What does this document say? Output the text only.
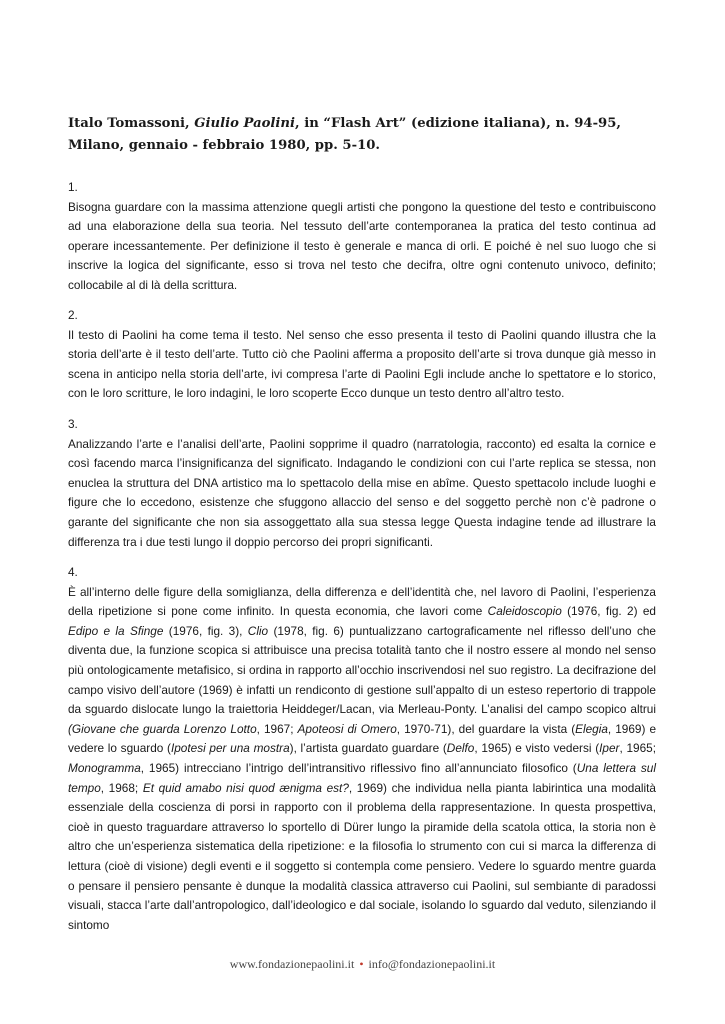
Italo Tomassoni, Giulio Paolini, in “Flash Art” (edizione italiana), n. 94-95, Milano, gennaio - febbraio 1980, pp. 5-10.

1.

Bisogna guardare con la massima attenzione quegli artisti che pongono la questione del testo e contribuiscono ad una elaborazione della sua teoria. Nel tessuto dell’arte contemporanea la pratica del testo continua ad operare incessantemente. Per definizione il testo è generale e manca di orli. E poiché è nel suo luogo che si inscrive la logica del significante, esso si trova nel testo che decifra, oltre ogni contenuto univoco, definito; collocabile al di là della scrittura.

2.

Il testo di Paolini ha come tema il testo. Nel senso che esso presenta il testo di Paolini quando illustra che la storia dell’arte è il testo dell’arte. Tutto ciò che Paolini afferma a proposito dell’arte si trova dunque già messo in scena in anticipo nella storia dell’arte, ivi compresa l’arte di Paolini Egli include anche lo spettatore e lo storico, con le loro scritture, le loro indagini, le loro scoperte Ecco dunque un testo dentro all’altro testo.

3.

Analizzando l’arte e l’analisi dell’arte, Paolini sopprime il quadro (narratologia, racconto) ed esalta la cornice e così facendo marca l’insignificanza del significato. Indagando le condizioni con cui l’arte replica se stessa, non enuclea la struttura del DNA artistico ma lo spettacolo della mise en abîme. Questo spettacolo include luoghi e figure che lo eccedono, esistenze che sfuggono allaccio del senso e del soggetto perchè non c’è padrone o garante del significante che non sia assoggettato alla sua stessa legge Questa indagine tende ad illustrare la differenza tra i due testi lungo il doppio percorso dei propri significanti.

4.

È all’interno delle figure della somiglianza, della differenza e dell’identità che, nel lavoro di Paolini, l’esperienza della ripetizione si pone come infinito. In questa economia, che lavori come Caleidoscopio (1976, fig. 2) ed Edipo e la Sfinge (1976, fig. 3), Clio (1978, fig. 6) puntualizzano cartograficamente nel riflesso dell’uno che diventa due, la funzione scopica si attribuisce una precisa totalità tanto che il nostro essere al mondo nel senso più ontologicamente metafisico, si ordina in rapporto all’occhio inscrivendosi nel suo registro. La decifrazione del campo visivo dell’autore (1969) è infatti un rendiconto di gestione sull’appalto di un esteso repertorio di trappole da sguardo dislocate lungo la traiettoria Heiddeger/Lacan, via Merleau-Ponty. L’analisi del campo scopico altrui (Giovane che guarda Lorenzo Lotto, 1967; Apoteosi di Omero, 1970-71), del guardare la vista (Elegia, 1969) e vedere lo sguardo (Ipotesi per una mostra), l’artista guardato guardare (Delfo, 1965) e visto vedersi (Iper, 1965; Monogramma, 1965) intrecciano l’intrigo dell’intransitivo riflessivo fino all’annunciato filosofico (Una lettera sul tempo, 1968; Et quid amabo nisi quod ænigma est?, 1969) che individua nella pianta labirintica una modalità essenziale della coscienza di porsi in rapporto con il problema della rappresentazione. In questa prospettiva, cioè in questo traguardare attraverso lo sportello di Dürer lungo la piramide della scatola ottica, la storia non è altro che un’esperienza sistematica della ripetizione: e la filosofia lo strumento con cui si marca la differenza di lettura (cioè di visione) degli eventi e il soggetto si contempla come pensiero. Vedere lo sguardo mentre guarda o pensare il pensiero pensante è dunque la modalità classica attraverso cui Paolini, sul sembiante di paradossi visuali, stacca l’arte dall’antropologico, dall’ideologico e dal sociale, isolando lo sguardo dal veduto, silenziando il sintomo

www.fondazionepaolini.it • info@fondazionepaolini.it
